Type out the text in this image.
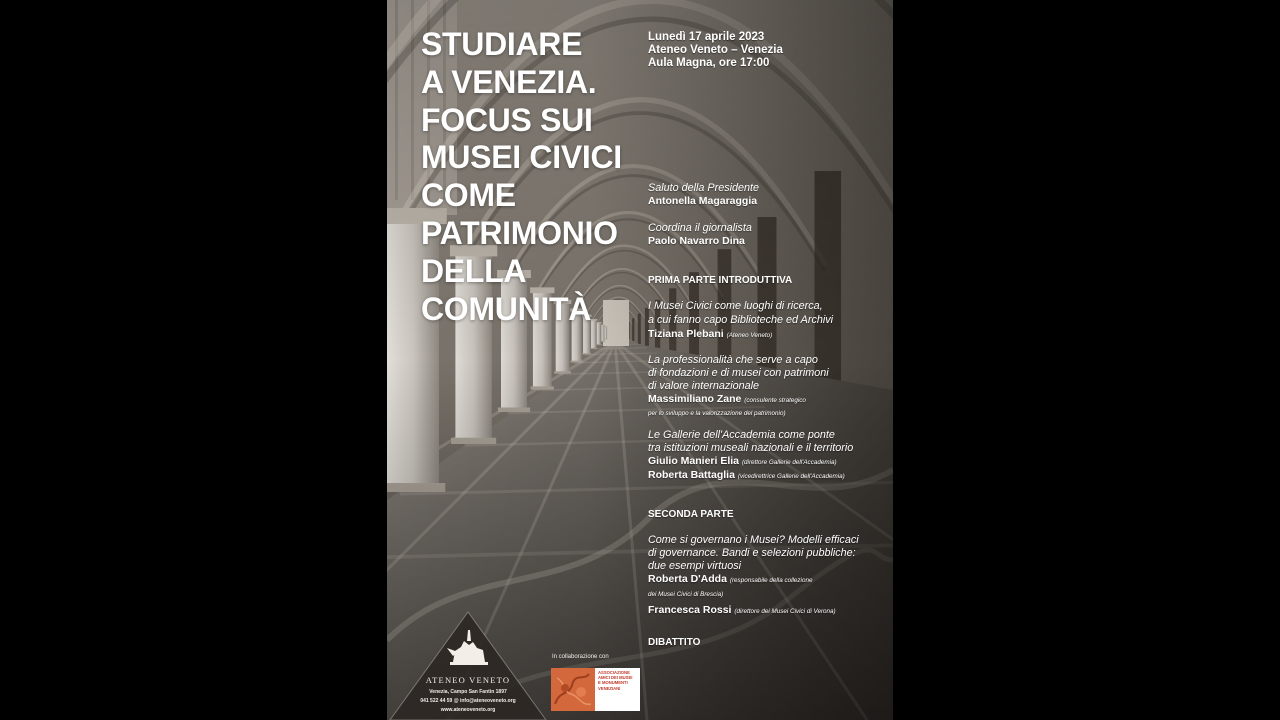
STUDIARE
A VENEZIA.
FOCUS SUI
MUSEI CIVICI
COME
PATRIMONIO
DELLA
COMUNITÀ
Lunedì 17 aprile 2023
Ateneo Veneto – Venezia
Aula Magna, ore 17:00
Saluto della Presidente
Antonella Magaraggia
Coordina il giornalista
Paolo Navarro Dina
PRIMA PARTE INTRODUTTIVA
I Musei Civici come luoghi di ricerca,
a cui fanno capo Biblioteche ed Archivi
Tiziana Plebani (Ateneo Veneto)
La professionalità che serve a capo
di fondazioni e di musei con patrimoni
di valore internazionale
Massimiliano Zane (consulente strategico
per lo sviluppo e la valorizzazione del patrimonio)
Le Gallerie dell'Accademia come ponte
tra istituzioni museali nazionali e il territorio
Giulio Manieri Elia (direttore Gallerie dell'Accademia)
Roberta Battaglia (vicedirettrice Gallerie dell'Accademia)
SECONDA PARTE
Come si governano i Musei? Modelli efficaci
di governance. Bandi e selezioni pubbliche:
due esempi virtuosi
Roberta D'Adda (responsabile della collezione
dei Musei Civici di Brescia)
Francesca Rossi (direttore dei Musei Civici di Verona)
DIBATTITO
ATENEO VENETO
Venezia, Campo San Fantin 1897
041 522 44 59 @ info@ateneoveneto.org
www.ateneoveneto.org
In collaborazione con
ASSOCIAZIONE
AMICI DEI MUSEI
E MONUMENTI
VENEZIANI
